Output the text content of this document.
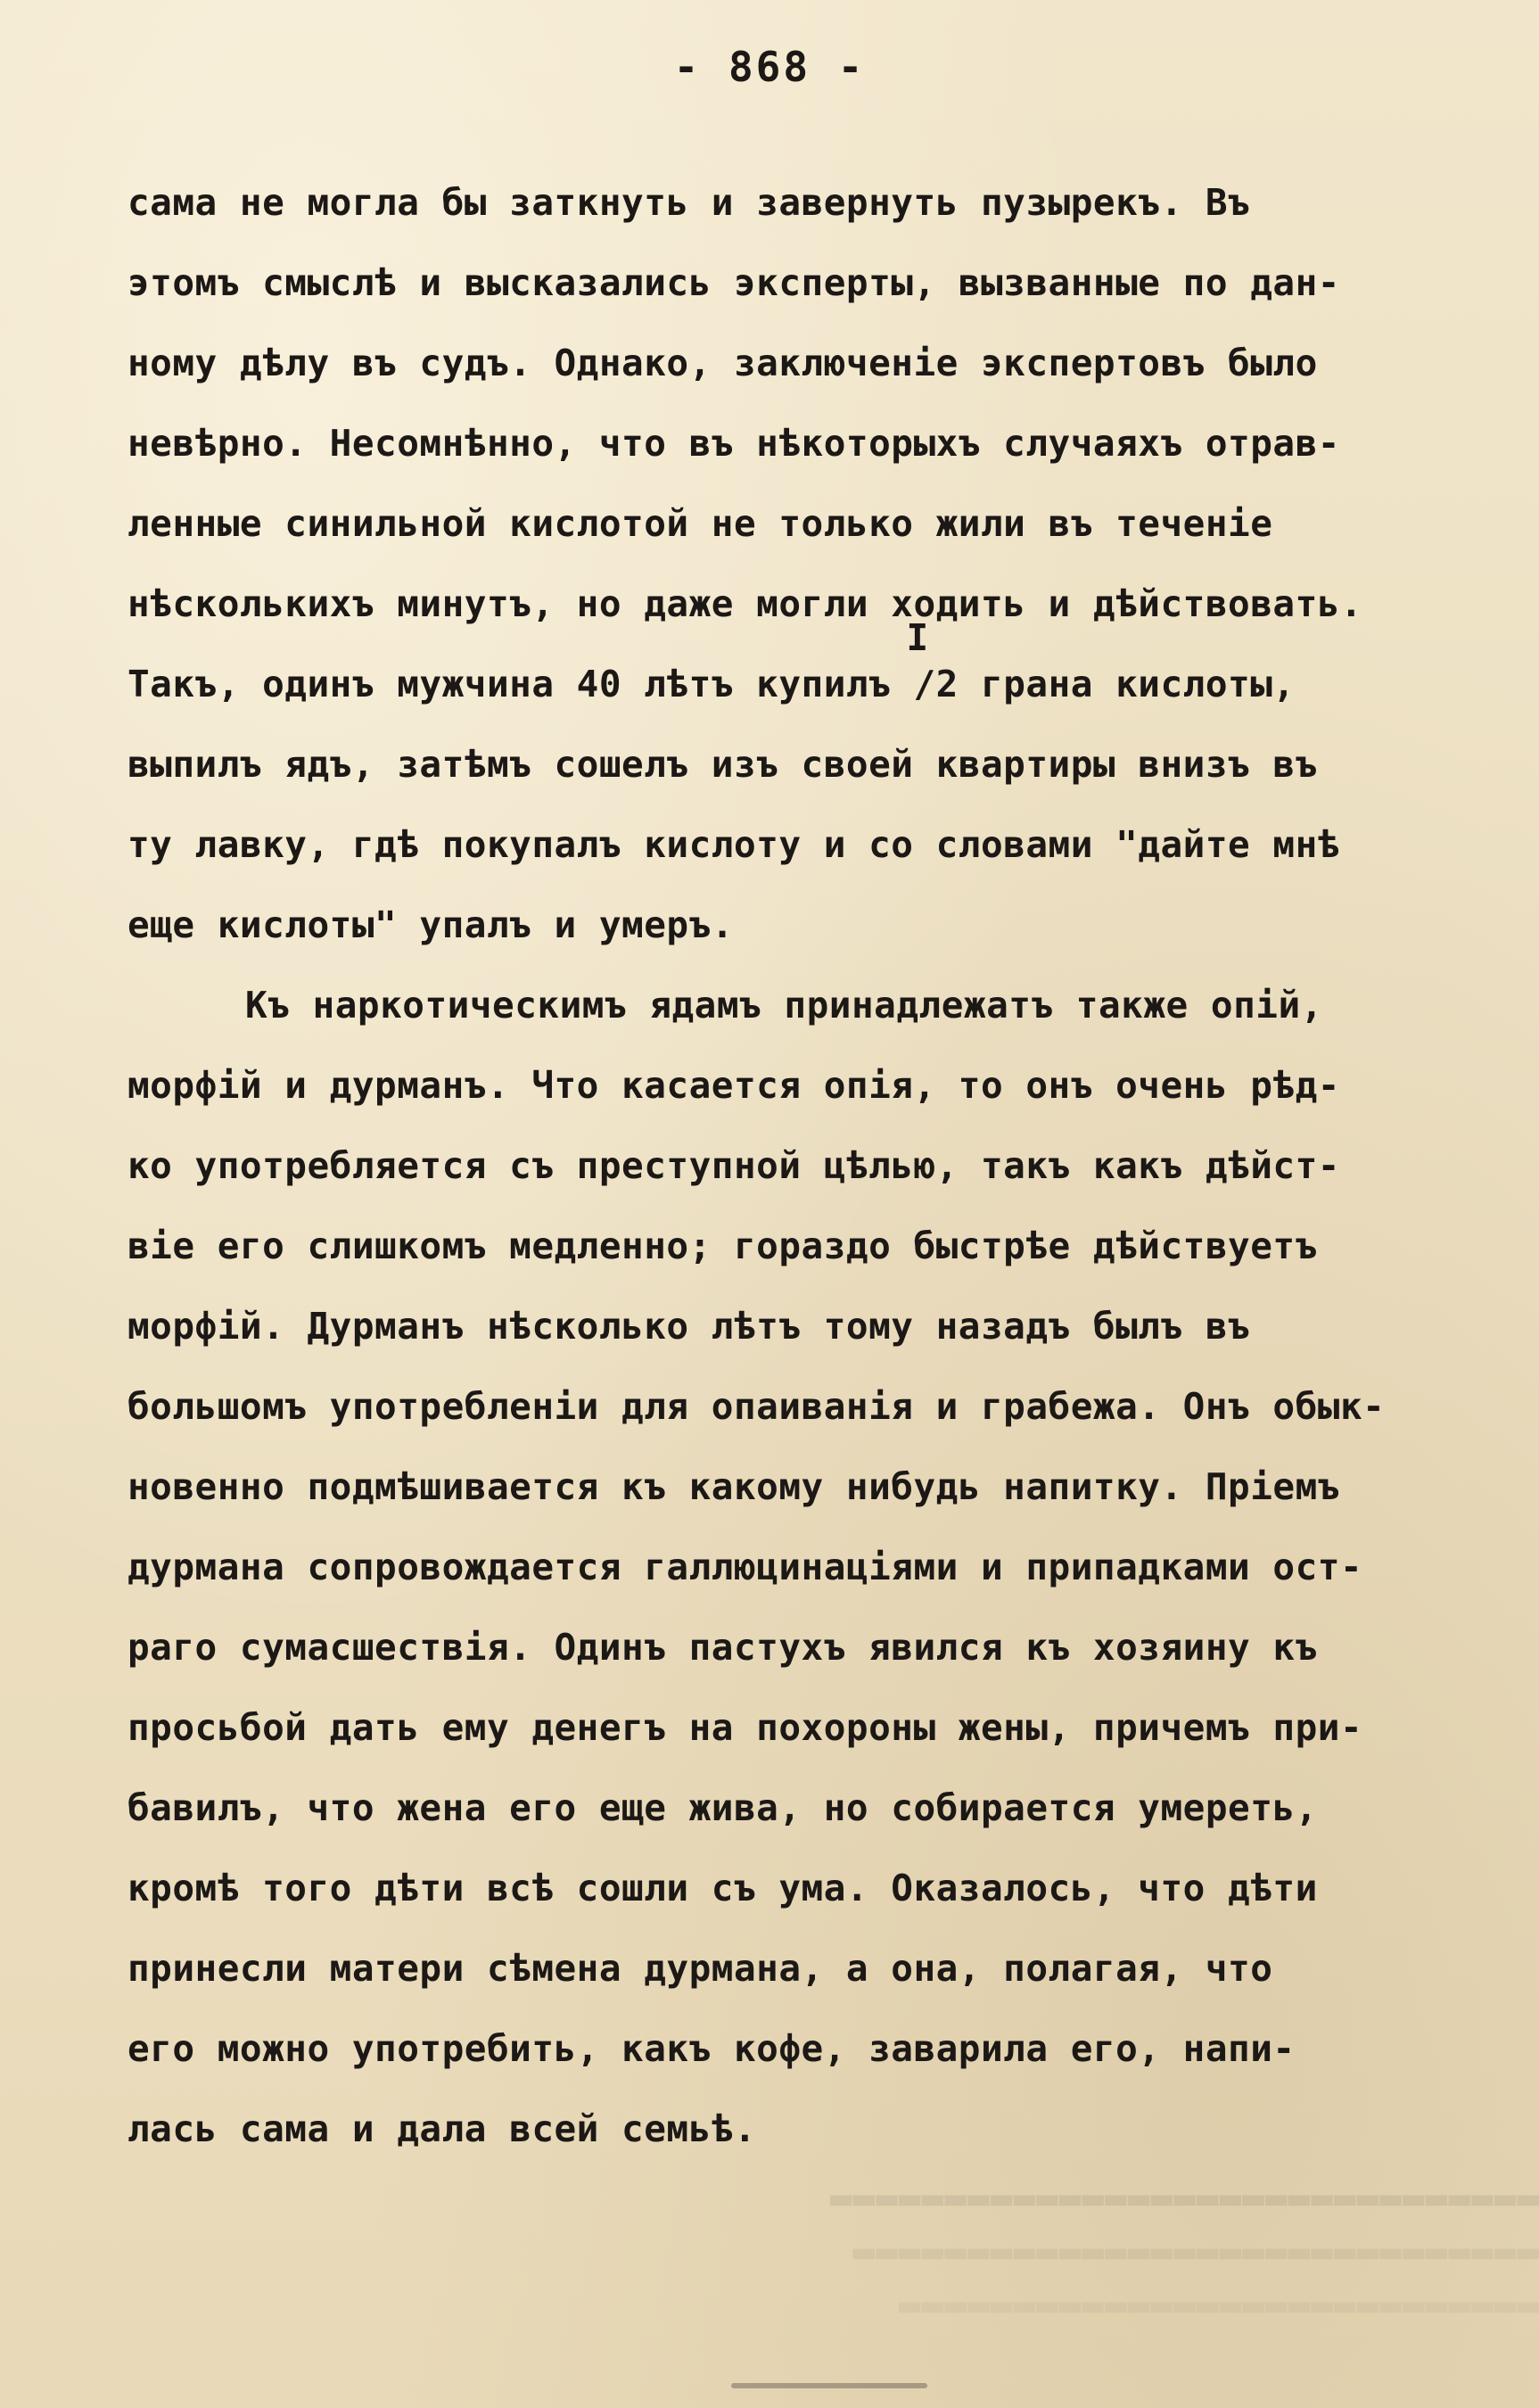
▬▬▬▬▬▬▬▬▬▬▬▬▬▬▬▬▬▬▬▬▬▬▬▬▬▬▬▬▬▬▬
▬▬▬▬▬▬▬▬▬▬▬▬▬▬▬▬▬▬▬▬▬▬▬▬▬▬▬▬▬▬
▬▬▬▬▬▬▬▬▬▬▬▬▬▬▬▬▬▬▬▬▬▬▬▬▬▬▬▬
- 868 -
сама не могла бы заткнуть и завернуть пузырекъ. Въ
этомъ смыслѣ и высказались эксперты, вызванные по дан-
ному дѣлу въ судъ. Однако, заключенiе экспертовъ было
невѣрно. Несомнѣнно, что въ нѣкоторыхъ случаяхъ отрав-
ленные синильной кислотой не только жили въ теченiе
нѣсколькихъ минутъ, но даже могли ходить и дѣйствовать.
Такъ, одинъ мужчина 40 лѣтъ купилъ
I
/2 грана кислоты,
выпилъ ядъ, затѣмъ сошелъ изъ своей квартиры внизъ въ
ту лавку, гдѣ покупалъ кислоту и со словами "дайте мнѣ
еще кислоты" упалъ и умеръ.
Къ наркотическимъ ядамъ принадлежатъ также опiй,
морфiй и дурманъ. Что касается опiя, то онъ очень рѣд-
ко употребляется съ преступной цѣлью, такъ какъ дѣйст-
вiе его слишкомъ медленно; гораздо быстрѣе дѣйствуетъ
морфiй. Дурманъ нѣсколько лѣтъ тому назадъ былъ въ
большомъ употребленiи для опаиванiя и грабежа. Онъ обык-
новенно подмѣшивается къ какому нибудь напитку. Прiемъ
дурмана сопровождается галлюцинацiями и припадками ост-
раго сумасшествiя. Одинъ пастухъ явился къ хозяину къ
просьбой дать ему денегъ на похороны жены, причемъ при-
бавилъ, что жена его еще жива, но собирается умереть,
кромѣ того дѣти всѣ сошли съ ума. Оказалось, что дѣти
принесли матери сѣмена дурмана, а она, полагая, что
его можно употребить, какъ кофе, заварила его, напи-
лась сама и дала всей семьѣ.
